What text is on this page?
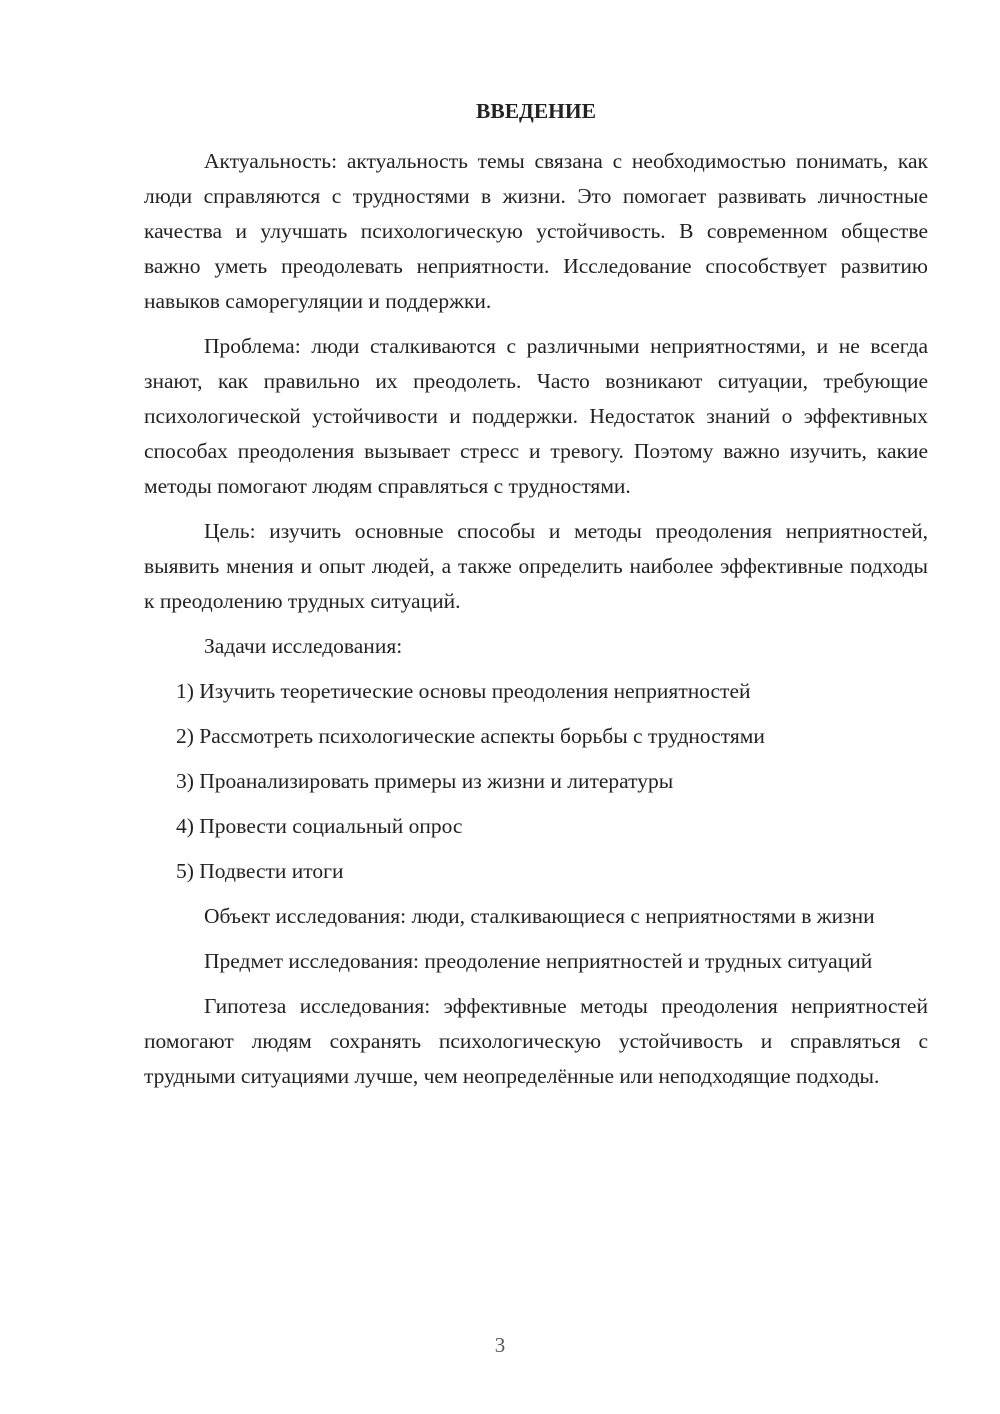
ВВЕДЕНИЕ

Актуальность: актуальность темы связана с необходимостью понимать, как люди справляются с трудностями в жизни. Это помогает развивать личностные качества и улучшать психологическую устойчивость. В современном обществе важно уметь преодолевать неприятности. Исследование способствует развитию навыков саморегуляции и поддержки.

Проблема: люди сталкиваются с различными неприятностями, и не всегда знают, как правильно их преодолеть. Часто возникают ситуации, требующие психологической устойчивости и поддержки. Недостаток знаний о эффективных способах преодоления вызывает стресс и тревогу. Поэтому важно изучить, какие методы помогают людям справляться с трудностями.

Цель: изучить основные способы и методы преодоления неприятностей, выявить мнения и опыт людей, а также определить наиболее эффективные подходы к преодолению трудных ситуаций.

Задачи исследования:

1) Изучить теоретические основы преодоления неприятностей
2) Рассмотреть психологические аспекты борьбы с трудностями
3) Проанализировать примеры из жизни и литературы
4) Провести социальный опрос
5) Подвести итоги

Объект исследования: люди, сталкивающиеся с неприятностями в жизни

Предмет исследования: преодоление неприятностей и трудных ситуаций

Гипотеза исследования: эффективные методы преодоления неприятностей помогают людям сохранять психологическую устойчивость и справляться с трудными ситуациями лучше, чем неопределённые или неподходящие подходы.

3
